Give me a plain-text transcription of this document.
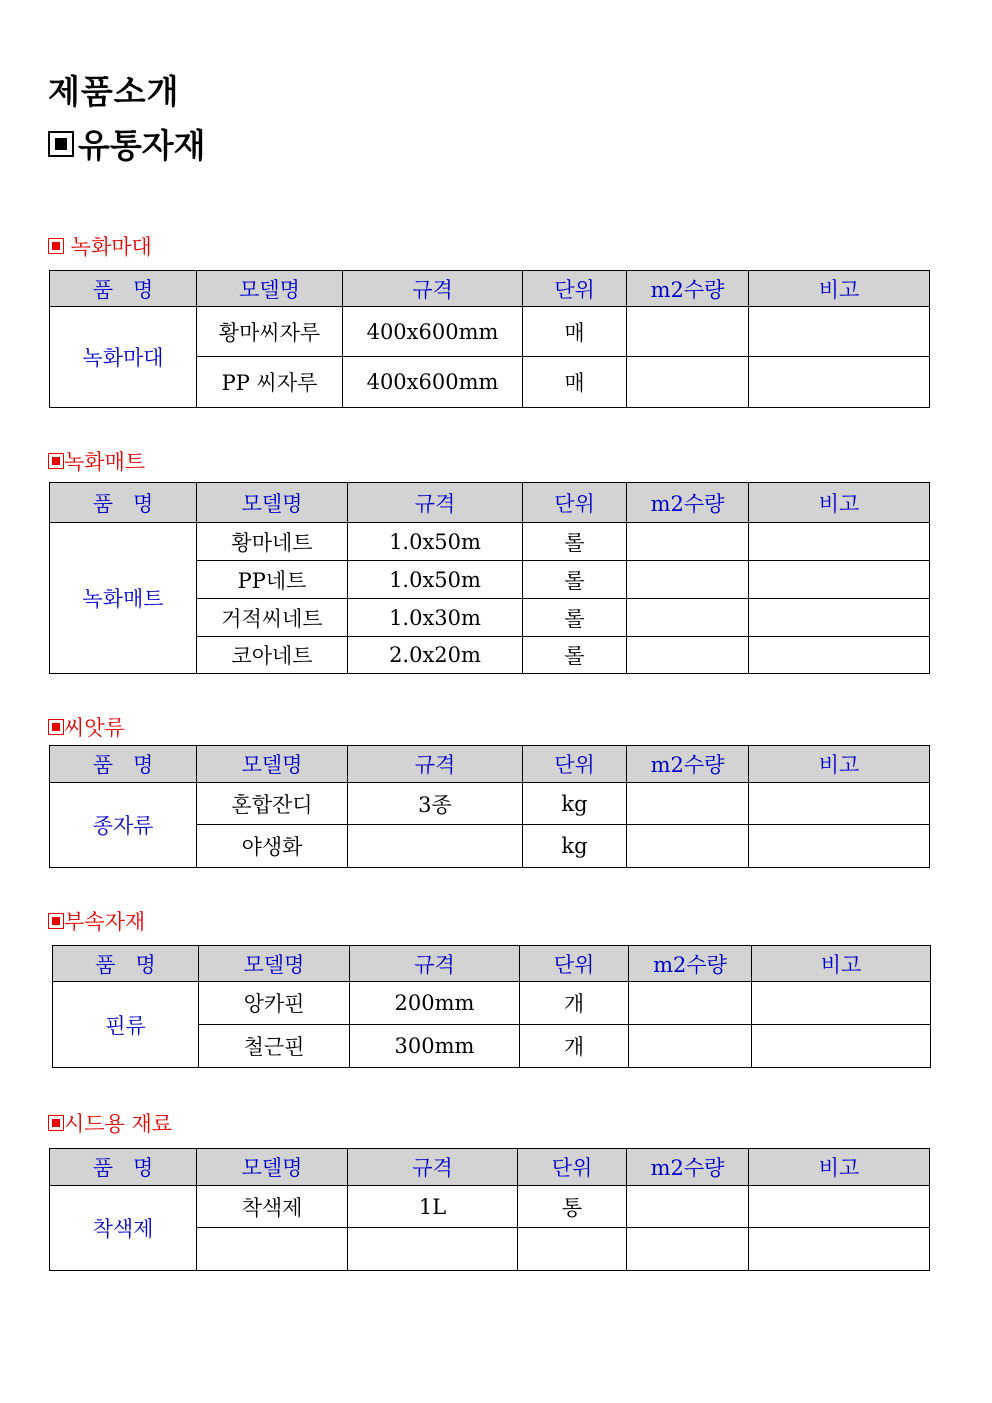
제품소개
유통자재
녹화마대
품   명	모델명	규격	단위	m2수량	비고
녹화마대	황마씨자루	400x600mm	매		
	PP 씨자루	400x600mm	매		
녹화매트
품   명	모델명	규격	단위	m2수량	비고
녹화매트	황마네트	1.0x50m	롤		
	PP네트	1.0x50m	롤		
	거적씨네트	1.0x30m	롤		
	코아네트	2.0x20m	롤		
씨앗류
품   명	모델명	규격	단위	m2수량	비고
종자류	혼합잔디	3종	kg		
	야생화		kg		
부속자재
품   명	모델명	규격	단위	m2수량	비고
핀류	앙카핀	200mm	개		
	철근핀	300mm	개		
시드용 재료
품   명	모델명	규격	단위	m2수량	비고
착색제	착색제	1L	통		
